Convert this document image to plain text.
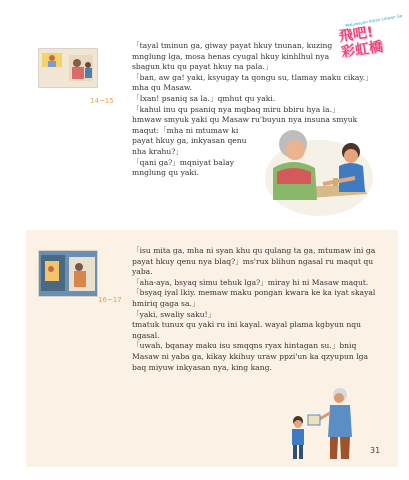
Maluweyan Kinah Lmwan Ga
飛吧!
彩虹橋
14~15

「tayal tminun ga, giway payat hkuy tnunan, kuzing

mnglung lga, mosa henas cyugal hkuy kinhlhul nya

sbagun ktu qu payat hkuy na pala.」

「ban, aw ga! yaki, ksyugay ta qongu su, tlamay maku cikay.」

mha qu Masaw.

「Ixan! psaniq sa la.」qmhut qu yaki.

「kahul inu qu psaniq nya mqbaq miru bbiru hya la.」

hmwaw smyuk yaki qu Masaw ru'buyun nya insuna smyuk

maqut:「mha ni mtumaw ki

payat hkuy ga, inkyasan qenu

nha krahu?」

「qani ga?」mqniyat balay

mnglung qu yaki.

16~17

「isu mita ga, mha ni syan khu qu qulang ta ga, mtumaw ini ga

payat hkuy qenu nya blaq?」ms'rux blihun ngasal ru maqut qu

yaba.

「aha-aya, bsyaq simu tehuk lga?」miray hi ni Masaw maqut.

「bsyaq iyal lkiy. memaw maku pongan kwara ke ka iyat skayal

hmiriq gaga sa.」

「yaki, swaliy saku!」

tmatuk tunux qu yaki ru ini kayal. wayal plama kgbyun nqu

ngasal.

「uwah, bqanay maku isu smqqns ryax hintagan su.」bniq

Masaw ni yaba ga, kikay kkihuy uraw ppzi'un ka qzyupun lga

baq miyuw inkyasan nya, king kang.

31
